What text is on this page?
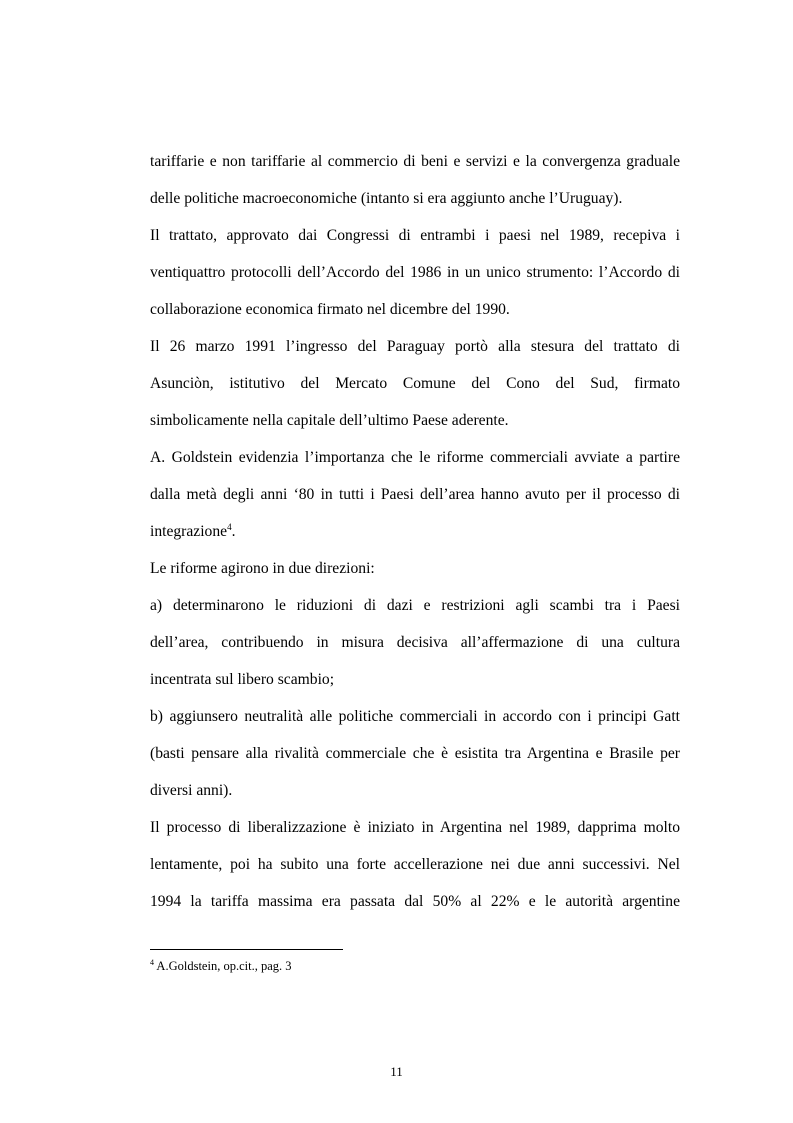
tariffarie e non tariffarie al commercio di beni e servizi e la convergenza graduale
delle politiche macroeconomiche (intanto si era aggiunto anche l’Uruguay).
Il trattato, approvato dai Congressi di entrambi i paesi nel 1989, recepiva i
ventiquattro protocolli dell’Accordo del 1986 in un unico strumento: l’Accordo di
collaborazione economica firmato nel dicembre del 1990.
Il 26 marzo 1991 l’ingresso del Paraguay portò alla stesura del trattato di
Asunciòn, istitutivo del Mercato Comune del Cono del Sud, firmato
simbolicamente nella capitale dell’ultimo Paese aderente.
A. Goldstein evidenzia l’importanza che le riforme commerciali avviate a partire
dalla metà degli anni ‘80 in tutti i Paesi dell’area hanno avuto per il processo di
integrazione$^4$.
Le riforme agirono in due direzioni:
a) determinarono le riduzioni di dazi e restrizioni agli scambi tra i Paesi
dell’area, contribuendo in misura decisiva all’affermazione di una cultura
incentrata sul libero scambio;
b) aggiunsero neutralità alle politiche commerciali in accordo con i principi Gatt
(basti pensare alla rivalità commerciale che è esistita tra Argentina e Brasile per
diversi anni).
Il processo di liberalizzazione è iniziato in Argentina nel 1989, dapprima molto
lentamente, poi ha subito una forte accellerazione nei due anni successivi. Nel
1994 la tariffa massima era passata dal 50% al 22% e le autorità argentine
$^4$ A.Goldstein, op.cit., pag. 3
11
